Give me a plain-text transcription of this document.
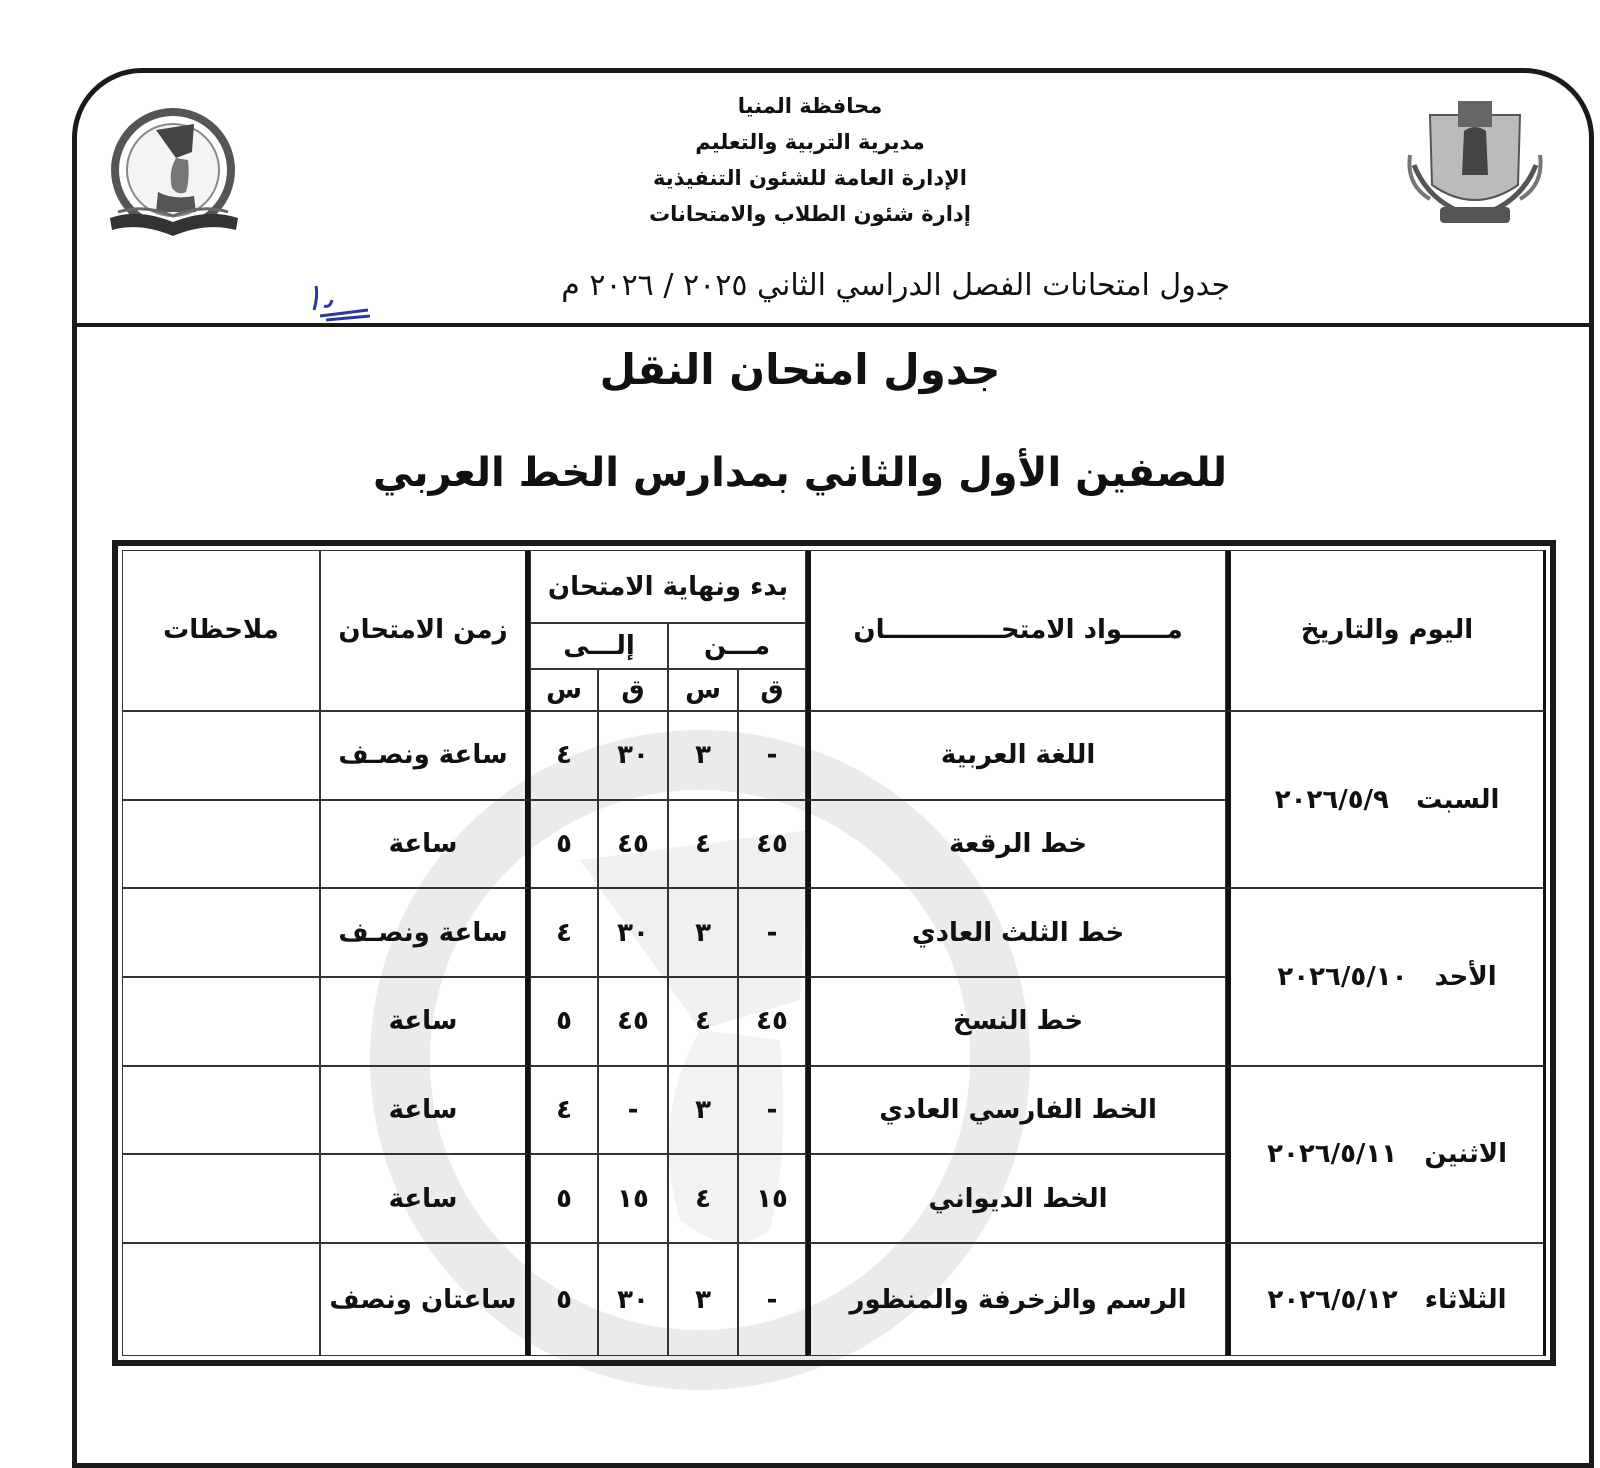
محافظة المنيا
مديرية التربية والتعليم
الإدارة العامة للشئون التنفيذية
إدارة شئون الطلاب والامتحانات
جدول امتحانات الفصل الدراسي الثاني ٢٠٢٥ / ٢٠٢٦ م
جدول امتحان النقل
للصفين الأول والثاني بمدارس الخط العربي
اليوم والتاريخ	مـــــواد الامتحـــــــــــــان	بدء ونهاية الامتحان				زمن الامتحان	ملاحظات
		مـــن		إلـــى			
		ق	س	ق	س		
السبت   ٢٠٢٦/٥/٩	اللغة العربية	-	٣	٣٠	٤	ساعة ونصـف	
	خط الرقعة	٤٥	٤	٤٥	٥	ساعة	
الأحد   ٢٠٢٦/٥/١٠	خط الثلث العادي	-	٣	٣٠	٤	ساعة ونصـف	
	خط النسخ	٤٥	٤	٤٥	٥	ساعة	
الاثنين   ٢٠٢٦/٥/١١	الخط الفارسي العادي	-	٣	-	٤	ساعة	
	الخط الديواني	١٥	٤	١٥	٥	ساعة	
الثلاثاء   ٢٠٢٦/٥/١٢	الرسم والزخرفة والمنظور	-	٣	٣٠	٥	ساعتان ونصف	
